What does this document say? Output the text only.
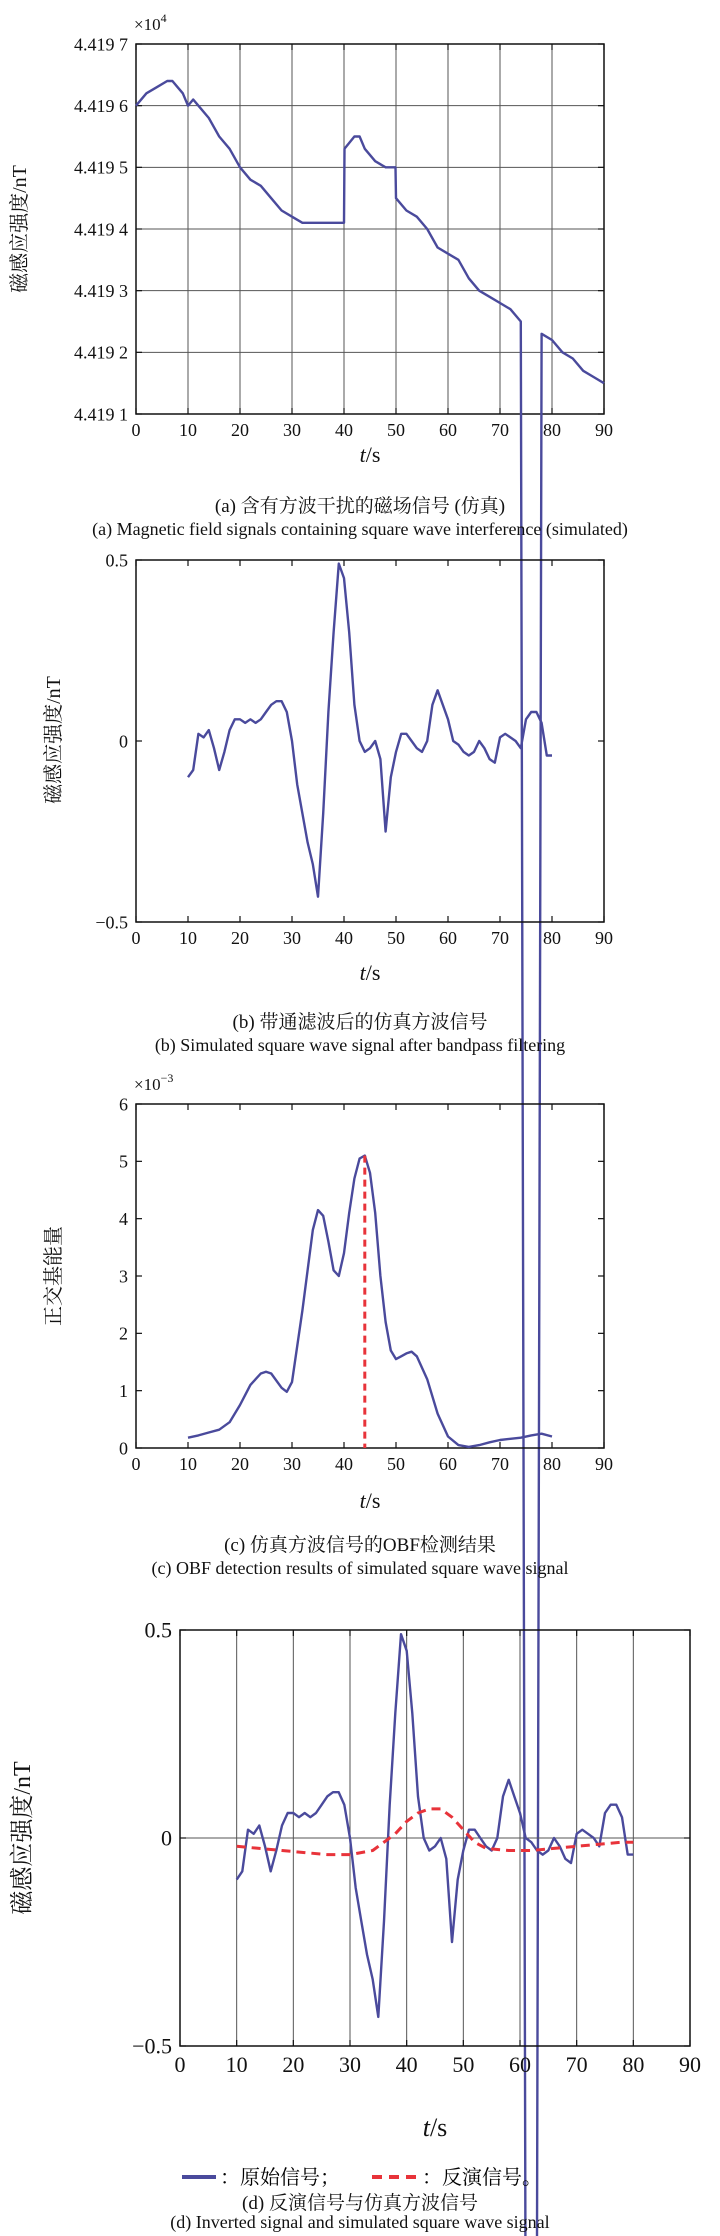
0 10 20 30 40 50 60 70 80 90
4.419 1
4.419 2
4.419 3
4.419 4
4.419 5
4.419 6
4.419 7
$\times 10^4$
磁感应强度/nT
t/s
(a) 含有方波干扰的磁场信号 (仿真)
(a) Magnetic field signals containing square wave interference (simulated)
0 10 20 30 40 50 60 70 80 90
−0.5
0
0.5
磁感应强度/nT
t/s
(b) 带通滤波后的仿真方波信号
(b) Simulated square wave signal after bandpass filtering
0 10 20 30 40 50 60 70 80 90
0
1
2
3
4
5
6
$\times 10^{-3}$
正交基能量
t/s
(c) 仿真方波信号的OBF检测结果
(c) OBF detection results of simulated square wave signal
0 10 20 30 40 50 60 70 80 90
−0.5
0
0.5
磁感应强度/nT
t/s
：原始信号；	：反演信号。
(d) 反演信号与仿真方波信号
(d) Inverted signal and simulated square wave signal
